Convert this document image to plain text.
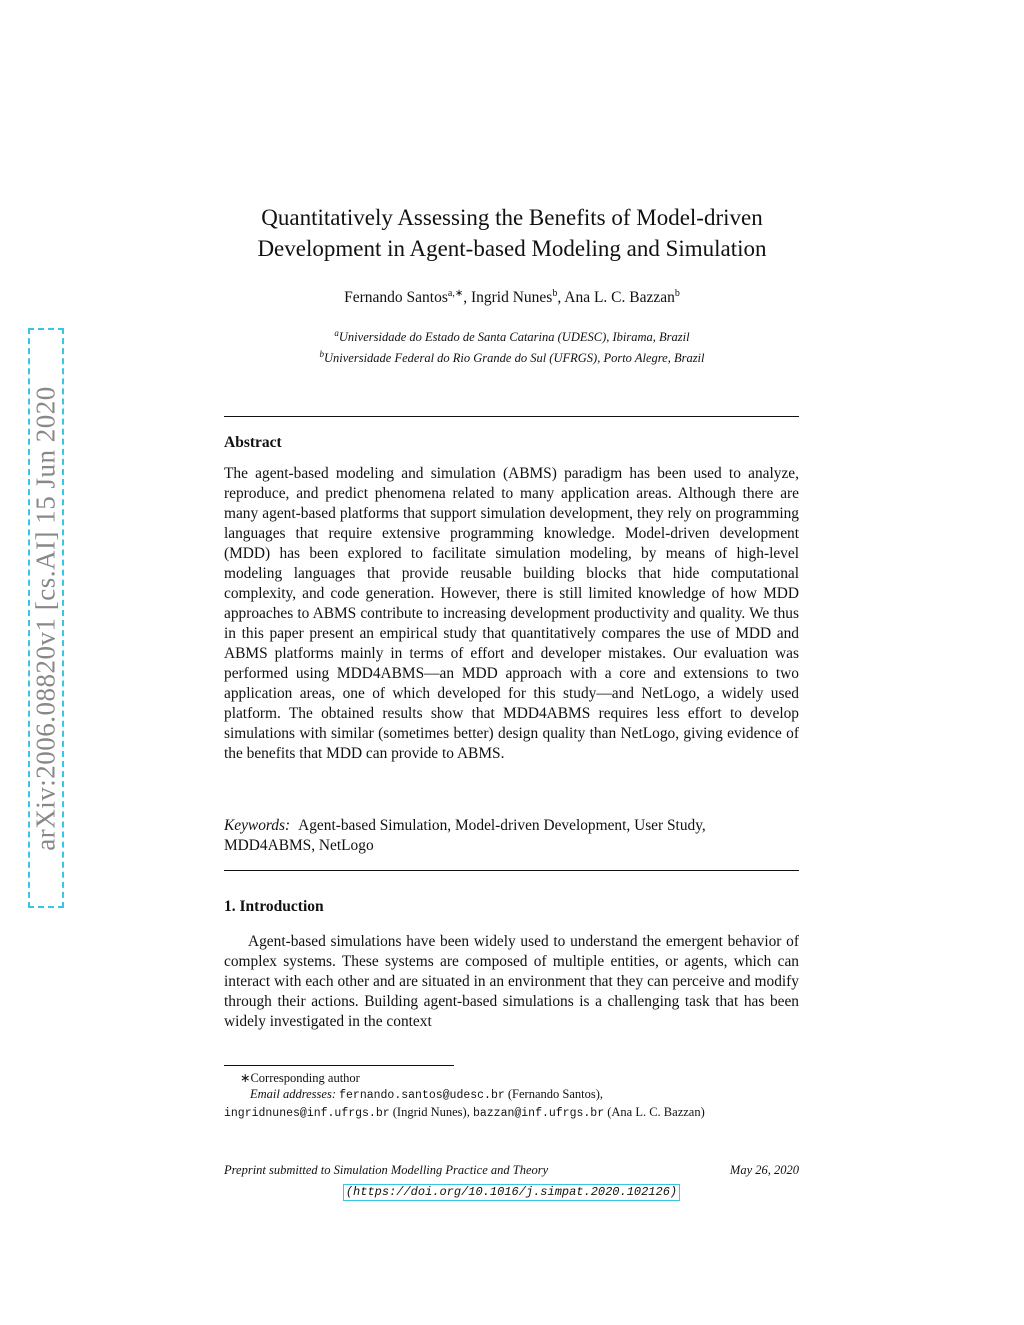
arXiv:2006.08820v1 [cs.AI] 15 Jun 2020
Quantitatively Assessing the Benefits of Model-driven
Development in Agent-based Modeling and Simulation
Fernando Santos$^{a,∗}$, Ingrid Nunes$^b$, Ana L. C. Bazzan$^b$
$^a$Universidade do Estado de Santa Catarina (UDESC), Ibirama, Brazil
$^b$Universidade Federal do Rio Grande do Sul (UFRGS), Porto Alegre, Brazil
Abstract
The agent-based modeling and simulation (ABMS) paradigm has been used to analyze, reproduce, and predict phenomena related to many application areas. Although there are many agent-based platforms that support simulation development, they rely on programming languages that require extensive programming knowledge. Model-driven development (MDD) has been explored to facilitate simulation modeling, by means of high-level modeling languages that provide reusable building blocks that hide computational complexity, and code generation. However, there is still limited knowledge of how MDD approaches to ABMS contribute to increasing development productivity and quality. We thus in this paper present an empirical study that quantitatively compares the use of MDD and ABMS platforms mainly in terms of effort and developer mistakes. Our evaluation was performed using MDD4ABMS—an MDD approach with a core and extensions to two application areas, one of which developed for this study—and NetLogo, a widely used platform. The obtained results show that MDD4ABMS requires less effort to develop simulations with similar (sometimes better) design quality than NetLogo, giving evidence of the benefits that MDD can provide to ABMS.
Keywords: Agent-based Simulation, Model-driven Development, User Study, MDD4ABMS, NetLogo
1. Introduction
Agent-based simulations have been widely used to understand the emergent behavior of complex systems. These systems are composed of multiple entities, or agents, which can interact with each other and are situated in an environment that they can perceive and modify through their actions. Building agent-based simulations is a challenging task that has been widely investigated in the context
∗Corresponding author
Email addresses: fernando.santos@udesc.br (Fernando Santos),
ingridnunes@inf.ufrgs.br (Ingrid Nunes), bazzan@inf.ufrgs.br (Ana L. C. Bazzan)
Preprint submitted to Simulation Modelling Practice and Theory	May 26, 2020
(https://doi.org/10.1016/j.simpat.2020.102126)
